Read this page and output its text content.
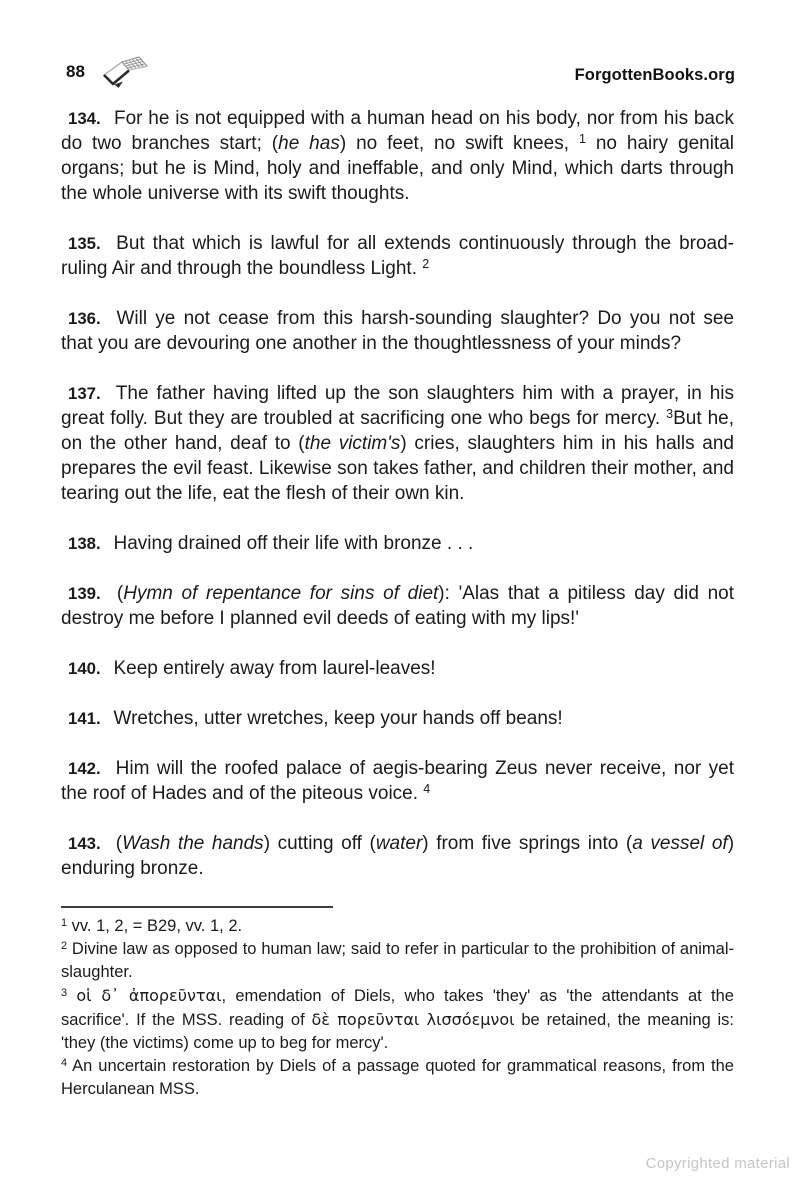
88	ForgottenBooks.org

134. For he is not equipped with a human head on his body, nor from his back do two branches start; (he has) no feet, no swift knees, $^1$ no hairy genital organs; but he is Mind, holy and ineffable, and only Mind, which darts through the whole universe with its swift thoughts.

135. But that which is lawful for all extends continuously through the broad-ruling Air and through the boundless Light. $^2$

136. Will ye not cease from this harsh-sounding slaughter? Do you not see that you are devouring one another in the thoughtlessness of your minds?

137. The father having lifted up the son slaughters him with a prayer, in his great folly. But they are troubled at sacrificing one who begs for mercy. $^3$But he, on the other hand, deaf to (the victim's) cries, slaughters him in his halls and prepares the evil feast. Likewise son takes father, and children their mother, and tearing out the life, eat the flesh of their own kin.

138. Having drained off their life with bronze . . .

139. (Hymn of repentance for sins of diet): 'Alas that a pitiless day did not destroy me before I planned evil deeds of eating with my lips!'

140. Keep entirely away from laurel-leaves!

141. Wretches, utter wretches, keep your hands off beans!

142. Him will the roofed palace of aegis-bearing Zeus never receive, nor yet the roof of Hades and of the piteous voice. $^4$

143. (Wash the hands) cutting off (water) from five springs into (a vessel of) enduring bronze.

$^1$ vv. 1, 2, = B29, vv. 1, 2.

$^2$ Divine law as opposed to human law; said to refer in particular to the prohibition of animal-slaughter.

$^3$ οἱ δ᾽ ἀπορεῦνται, emendation of Diels, who takes 'they' as 'the attendants at the sacrifice'. If the MSS. reading of δὲ πορεῦνται λισσόεμνοι be retained, the meaning is: 'they (the victims) come up to beg for mercy'.

$^4$ An uncertain restoration by Diels of a passage quoted for grammatical reasons, from the Herculanean MSS.

Copyrighted material
